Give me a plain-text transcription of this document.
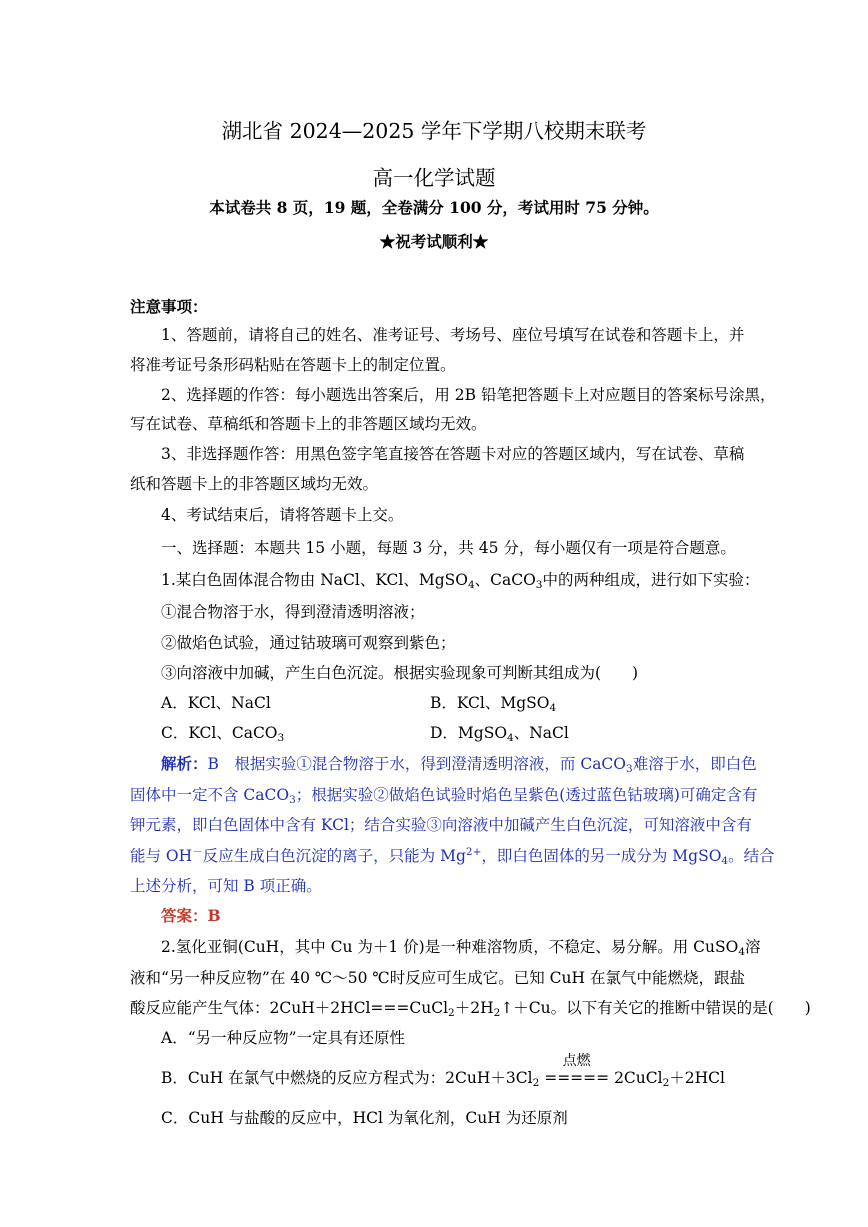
湖北省 2024—2025 学年下学期八校期末联考
高一化学试题
本试卷共 8 页，19 题，全卷满分 100 分，考试用时 75 分钟。
★祝考试顺利★
注意事项：
1、答题前，请将自己的姓名、准考证号、考场号、座位号填写在试卷和答题卡上，并
将准考证号条形码粘贴在答题卡上的制定位置。
2、选择题的作答：每小题选出答案后，用 2B 铅笔把答题卡上对应题目的答案标号涂黑，
写在试卷、草稿纸和答题卡上的非答题区域均无效。
3、非选择题作答：用黑色签字笔直接答在答题卡对应的答题区域内，写在试卷、草稿
纸和答题卡上的非答题区域均无效。
4、考试结束后，请将答题卡上交。
一、选择题：本题共 15 小题，每题 3 分，共 45 分，每小题仅有一项是符合题意。
1.某白色固体混合物由 NaCl、KCl、MgSO$_4$、CaCO$_3$中的两种组成，进行如下实验：
①混合物溶于水，得到澄清透明溶液；
②做焰色试验，通过钴玻璃可观察到紫色；
③向溶液中加碱，产生白色沉淀。根据实验现象可判断其组成为(　　)
A．KCl、NaCl	B．KCl、MgSO$_4$
C．KCl、CaCO$_3$	D．MgSO$_4$、NaCl
解析：B　根据实验①混合物溶于水，得到澄清透明溶液，而 CaCO$_3$难溶于水，即白色
固体中一定不含 CaCO$_3$；根据实验②做焰色试验时焰色呈紫色(透过蓝色钴玻璃)可确定含有
钾元素，即白色固体中含有 KCl；结合实验③向溶液中加碱产生白色沉淀，可知溶液中含有
能与 OH－反应生成白色沉淀的离子，只能为 $Mg^{2+}$，即白色固体的另一成分为 MgSO$_4$。结合
上述分析，可知 B 项正确。
答案：B
2.氢化亚铜(CuH，其中 Cu 为＋1 价)是一种难溶物质，不稳定、易分解。用 CuSO$_4$溶
液和“另一种反应物”在 40 ℃～50 ℃时反应可生成它。已知 CuH 在氯气中能燃烧，跟盐
酸反应能产生气体：$2CuH+2HCl===CuCl_2+2H_2↑+Cu$。以下有关它的推断中错误的是(　　)
A．“另一种反应物”一定具有还原性
B．CuH 在氯气中燃烧的反应方程式为：$2CuH+3Cl_2$
点燃
===== 2CuCl$_2$＋2HCl
C．CuH 与盐酸的反应中，HCl 为氧化剂，CuH 为还原剂
